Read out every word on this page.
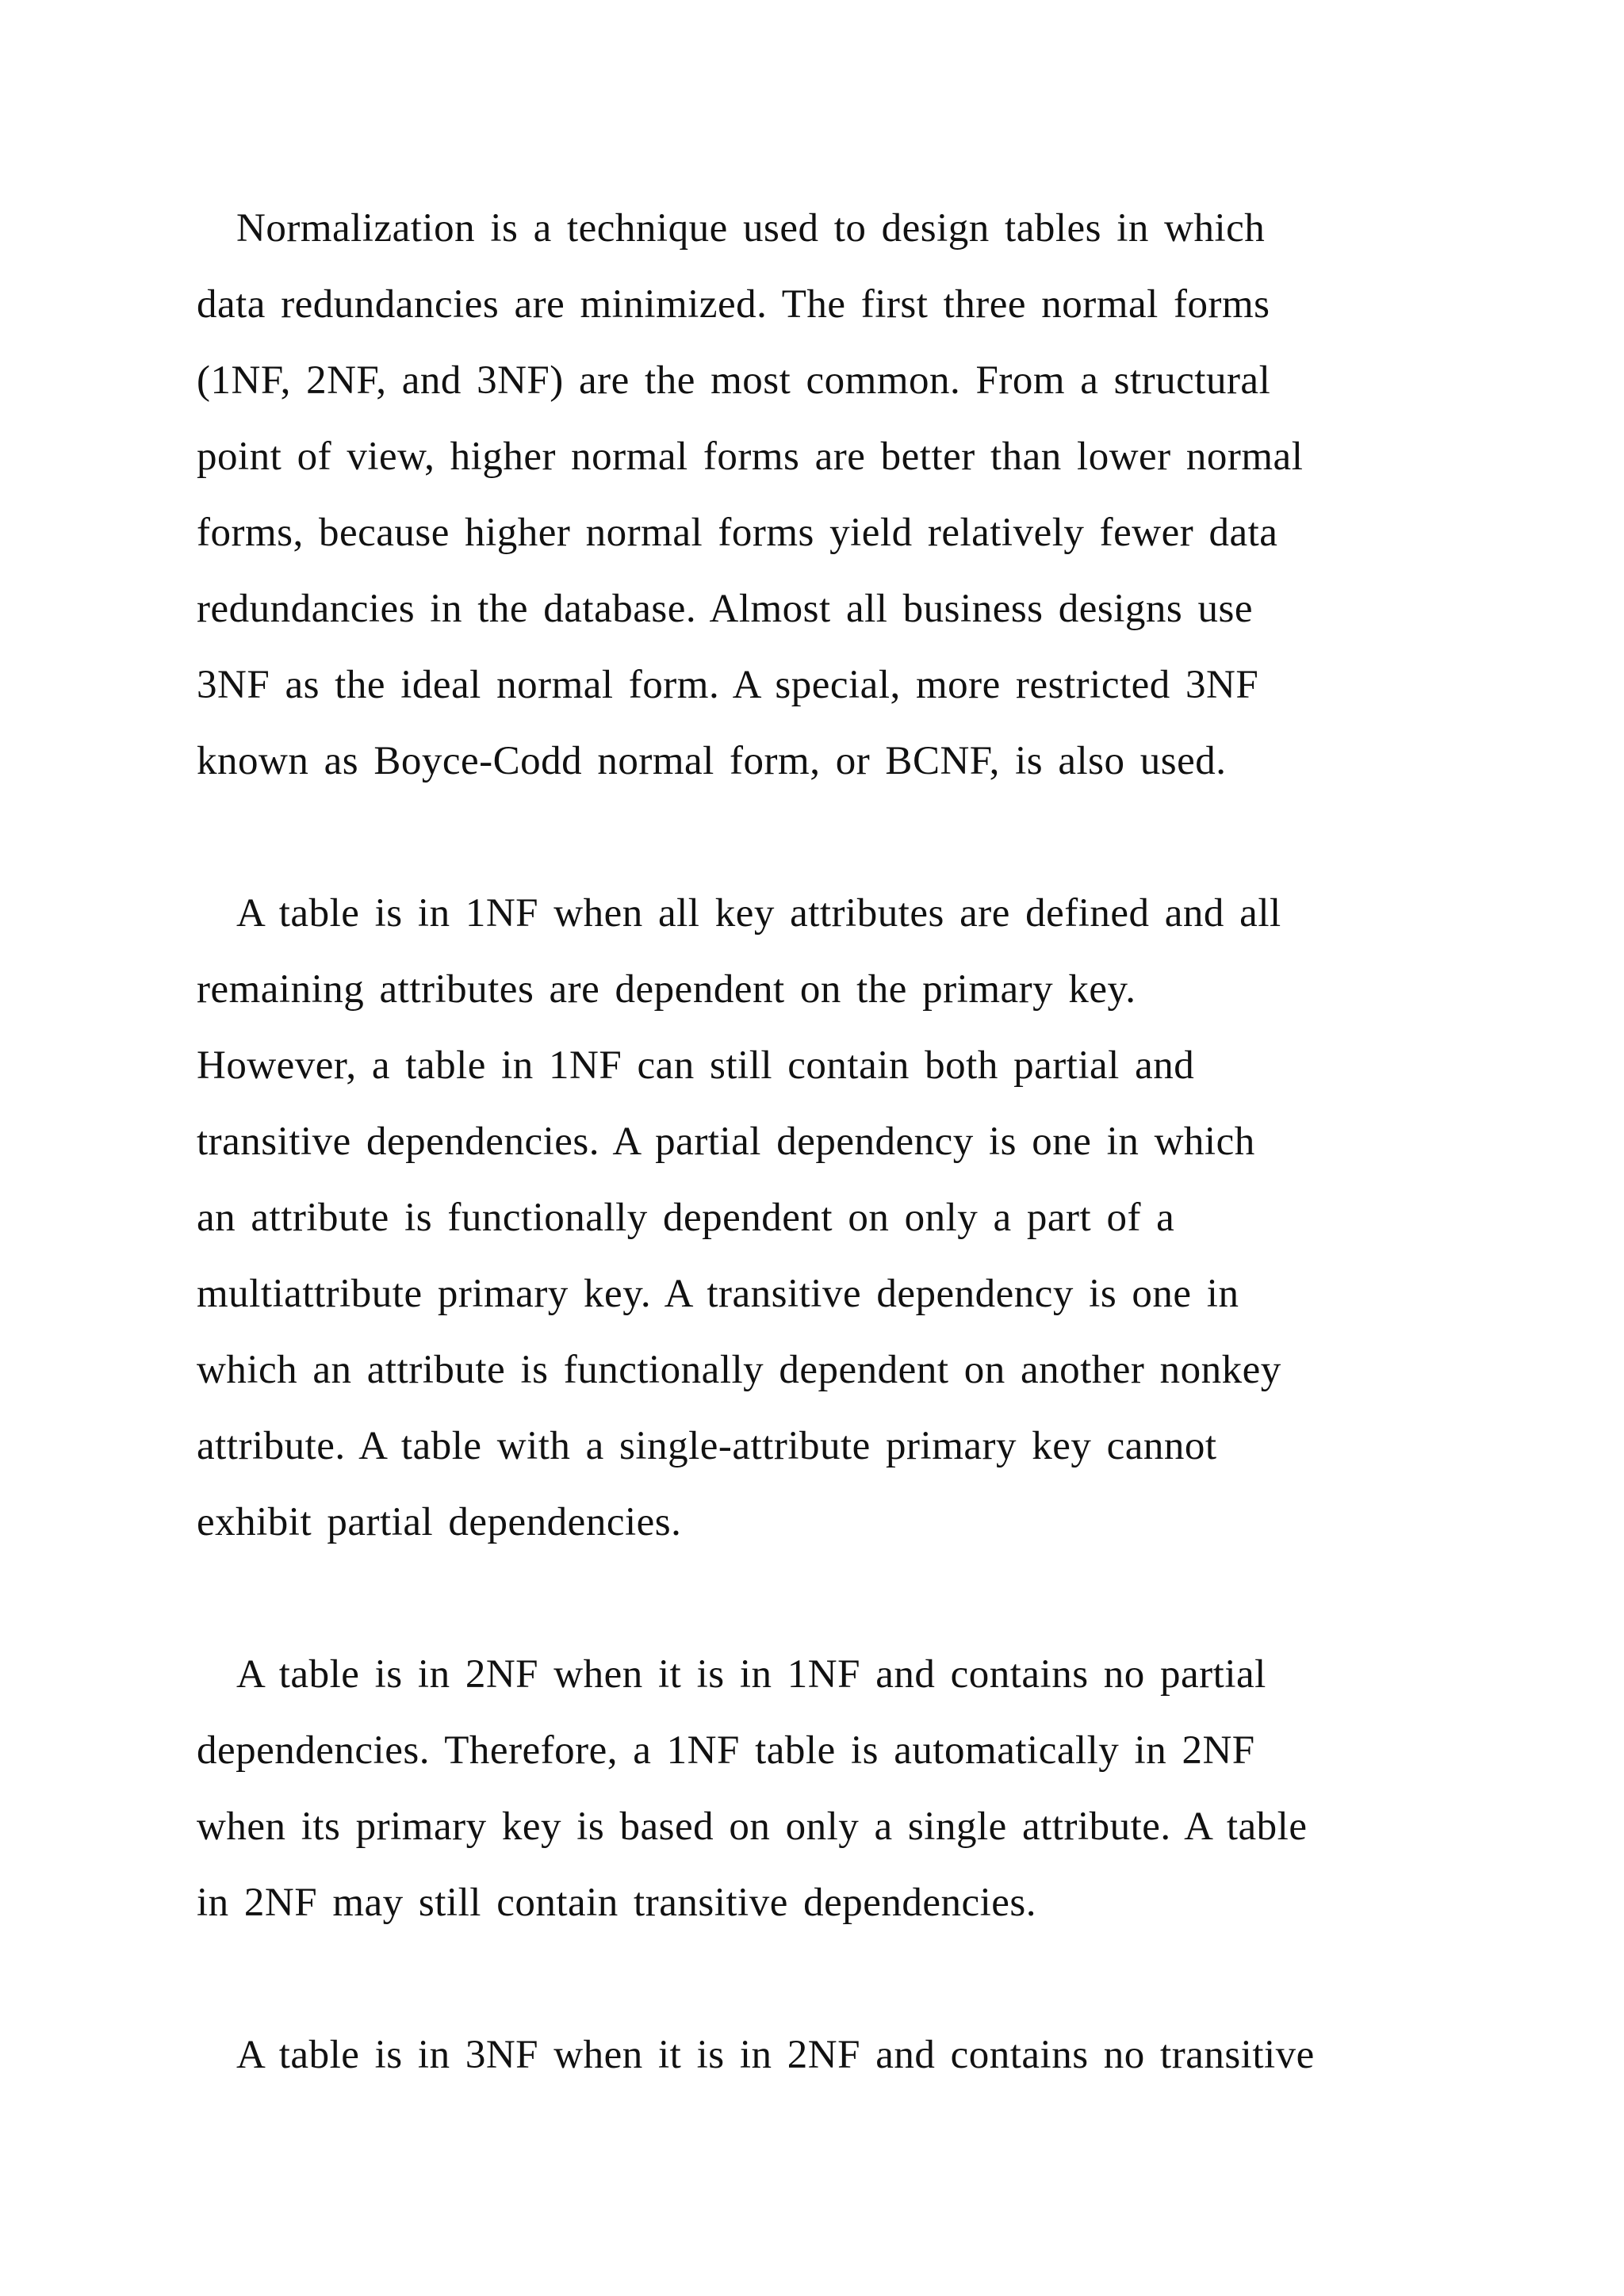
Normalization is a technique used to design tables in which
data redundancies are minimized. The first three normal forms
(1NF, 2NF, and 3NF) are the most common. From a structural
point of view, higher normal forms are better than lower normal
forms, because higher normal forms yield relatively fewer data
redundancies in the database. Almost all business designs use
3NF as the ideal normal form. A special, more restricted 3NF
known as Boyce-Codd normal form, or BCNF, is also used.
A table is in 1NF when all key attributes are defined and all
remaining attributes are dependent on the primary key.
However, a table in 1NF can still contain both partial and
transitive dependencies. A partial dependency is one in which
an attribute is functionally dependent on only a part of a
multiattribute primary key. A transitive dependency is one in
which an attribute is functionally dependent on another nonkey
attribute. A table with a single-attribute primary key cannot
exhibit partial dependencies.
A table is in 2NF when it is in 1NF and contains no partial
dependencies. Therefore, a 1NF table is automatically in 2NF
when its primary key is based on only a single attribute. A table
in 2NF may still contain transitive dependencies.
A table is in 3NF when it is in 2NF and contains no transitive
